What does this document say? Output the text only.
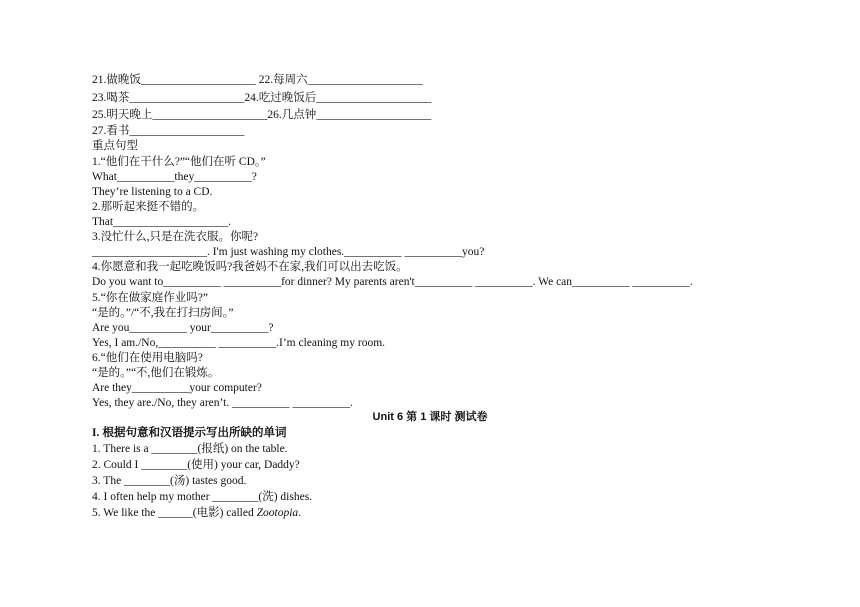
21.做晚饭____________________ 22.每周六____________________
23.喝茶____________________24.吃过晚饭后____________________
25.明天晚上____________________26.几点钟____________________
27.看书____________________
重点句型
1.“他们在干什么?”“他们在听 CD。”
What__________they__________?
They’re listening to a CD.
2.那听起来挺不错的。
That____________________.
3.没忙什么,只是在洗衣服。你呢?
____________________. I'm just washing my clothes.__________ __________you?
4.你愿意和我一起吃晚饭吗?我爸妈不在家,我们可以出去吃饭。
Do you want to__________ __________for dinner? My parents aren't__________ __________. We can__________ __________.
5.“你在做家庭作业吗?”
“是的。”/“不,我在打扫房间。”
Are you__________ your__________?
Yes, I am./No,__________ __________.I’m cleaning my room.
6.“他们在使用电脑吗?
“是的。”“不,他们在锻炼。
Are they__________your computer?
Yes, they are./No, they aren’t. __________ __________.
Unit 6 第 1 课时 测试卷
I. 根据句意和汉语提示写出所缺的单词
1. There is a ________(报纸) on the table.
2. Could I ________(使用) your car, Daddy?
3. The ________(汤) tastes good.
4. I often help my mother ________(洗) dishes.
5. We like the ______(电影) called Zootopia.
